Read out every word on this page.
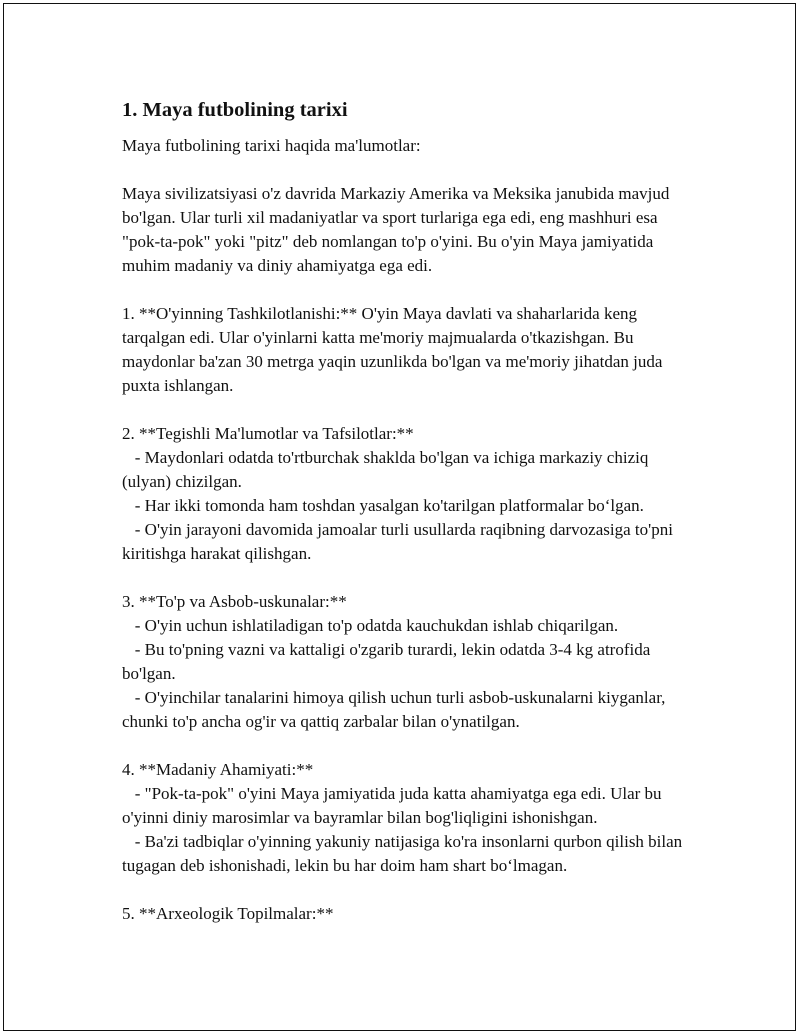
1. Maya futbolining tarixi

Maya futbolining tarixi haqida ma'lumotlar:

Maya sivilizatsiyasi o'z davrida Markaziy Amerika va Meksika janubida mavjud bo'lgan. Ular turli xil madaniyatlar va sport turlariga ega edi, eng mashhuri esa "pok-ta-pok" yoki "pitz" deb nomlangan to'p o'yini. Bu o'yin Maya jamiyatida muhim madaniy va diniy ahamiyatga ega edi.

1. **O'yinning Tashkilotlanishi:** O'yin Maya davlati va shaharlarida keng tarqalgan edi. Ular o'yinlarni katta me'moriy majmualarda o'tkazishgan. Bu maydonlar ba'zan 30 metrga yaqin uzunlikda bo'lgan va me'moriy jihatdan juda puxta ishlangan.

2. **Tegishli Ma'lumotlar va Tafsilotlar:**

- Maydonlari odatda to'rtburchak shaklda bo'lgan va ichiga markaziy chiziq (ulyan) chizilgan.

- Har ikki tomonda ham toshdan yasalgan ko'tarilgan platformalar bo‘lgan.

- O'yin jarayoni davomida jamoalar turli usullarda raqibning darvozasiga to'pni kiritishga harakat qilishgan.

3. **To'p va Asbob-uskunalar:**

- O'yin uchun ishlatiladigan to'p odatda kauchukdan ishlab chiqarilgan.

- Bu to'pning vazni va kattaligi o'zgarib turardi, lekin odatda 3-4 kg atrofida bo'lgan.

- O'yinchilar tanalarini himoya qilish uchun turli asbob-uskunalarni kiyganlar, chunki to'p ancha og'ir va qattiq zarbalar bilan o'ynatilgan.

4. **Madaniy Ahamiyati:**

- "Pok-ta-pok" o'yini Maya jamiyatida juda katta ahamiyatga ega edi. Ular bu o'yinni diniy marosimlar va bayramlar bilan bog'liqligini ishonishgan.

- Ba'zi tadbiqlar o'yinning yakuniy natijasiga ko'ra insonlarni qurbon qilish bilan tugagan deb ishonishadi, lekin bu har doim ham shart bo‘lmagan.

5. **Arxeologik Topilmalar:**
